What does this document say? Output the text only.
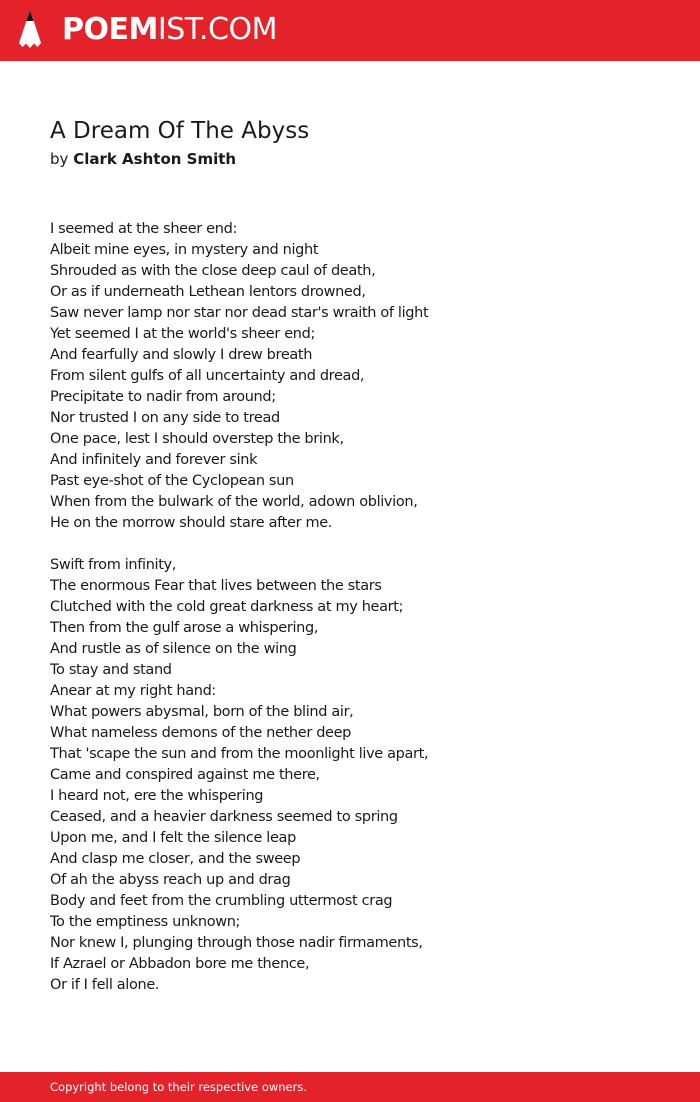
POEMIST.COM
A Dream Of The Abyss
by Clark Ashton Smith
I seemed at the sheer end:
Albeit mine eyes, in mystery and night
Shrouded as with the close deep caul of death,
Or as if underneath Lethean lentors drowned,
Saw never lamp nor star nor dead star's wraith of light
Yet seemed I at the world's sheer end;
And fearfully and slowly I drew breath
From silent gulfs of all uncertainty and dread,
Precipitate to nadir from around;
Nor trusted I on any side to tread
One pace, lest I should overstep the brink,
And infinitely and forever sink
Past eye-shot of the Cyclopean sun
When from the bulwark of the world, adown oblivion,
He on the morrow should stare after me.
Swift from infinity,
The enormous Fear that lives between the stars
Clutched with the cold great darkness at my heart;
Then from the gulf arose a whispering,
And rustle as of silence on the wing
To stay and stand
Anear at my right hand:
What powers abysmal, born of the blind air,
What nameless demons of the nether deep
That 'scape the sun and from the moonlight live apart,
Came and conspired against me there,
I heard not, ere the whispering
Ceased, and a heavier darkness seemed to spring
Upon me, and I felt the silence leap
And clasp me closer, and the sweep
Of ah the abyss reach up and drag
Body and feet from the crumbling uttermost crag
To the emptiness unknown;
Nor knew I, plunging through those nadir firmaments,
If Azrael or Abbadon bore me thence,
Or if I fell alone.
Copyright belong to their respective owners.
